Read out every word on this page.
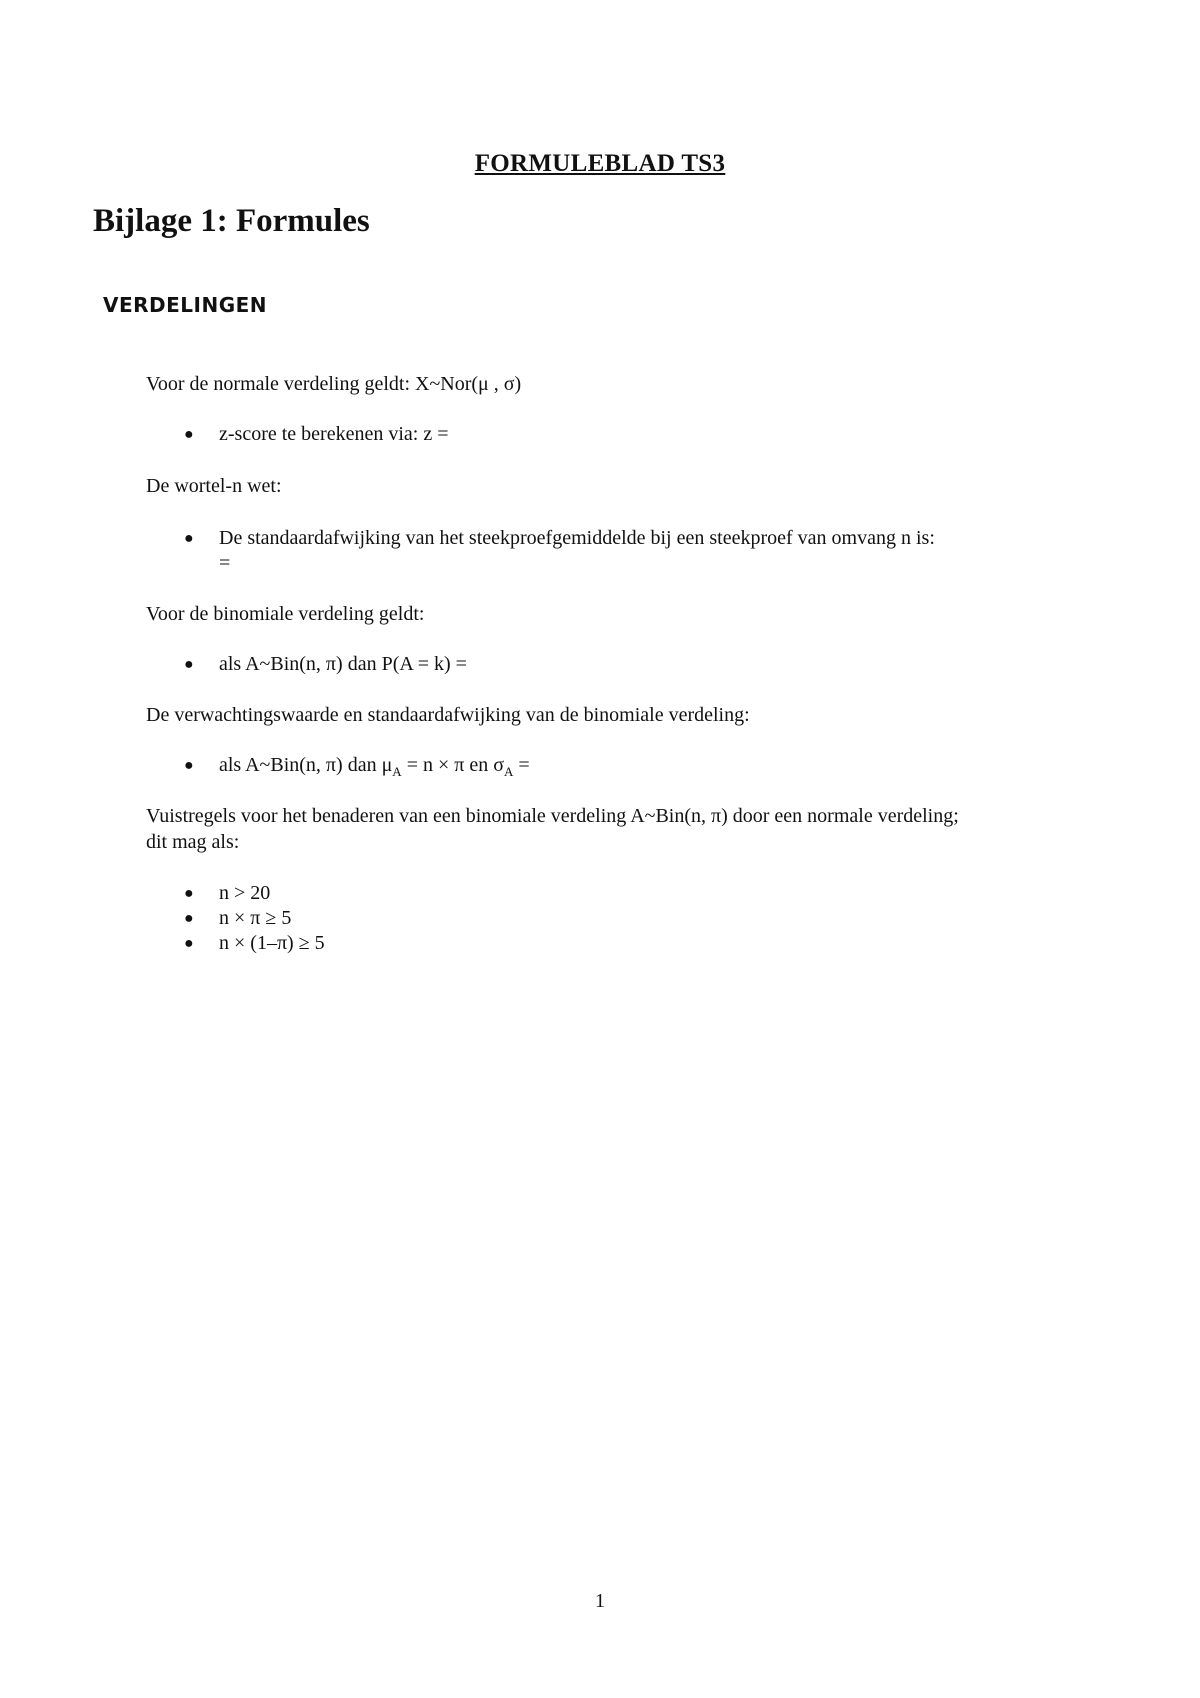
FORMULEBLAD TS3
Bijlage 1: Formules
VERDELINGEN
Voor de normale verdeling geldt: X~Nor(μ , σ)
● z-score te berekenen via: z =
De wortel-n wet:
● De standaardafwijking van het steekproefgemiddelde bij een steekproef van omvang n is:
=
Voor de binomiale verdeling geldt:
● als A~Bin(n, π) dan P(A = k) =
De verwachtingswaarde en standaardafwijking van de binomiale verdeling:
● als A~Bin(n, π) dan $\mu_A = n \times \pi$ en $\sigma_A$ =
Vuistregels voor het benaderen van een binomiale verdeling A~Bin(n, π) door een normale verdeling;
dit mag als:
● n > 20
● n × π ≥ 5
● n × (1–π) ≥ 5
1
